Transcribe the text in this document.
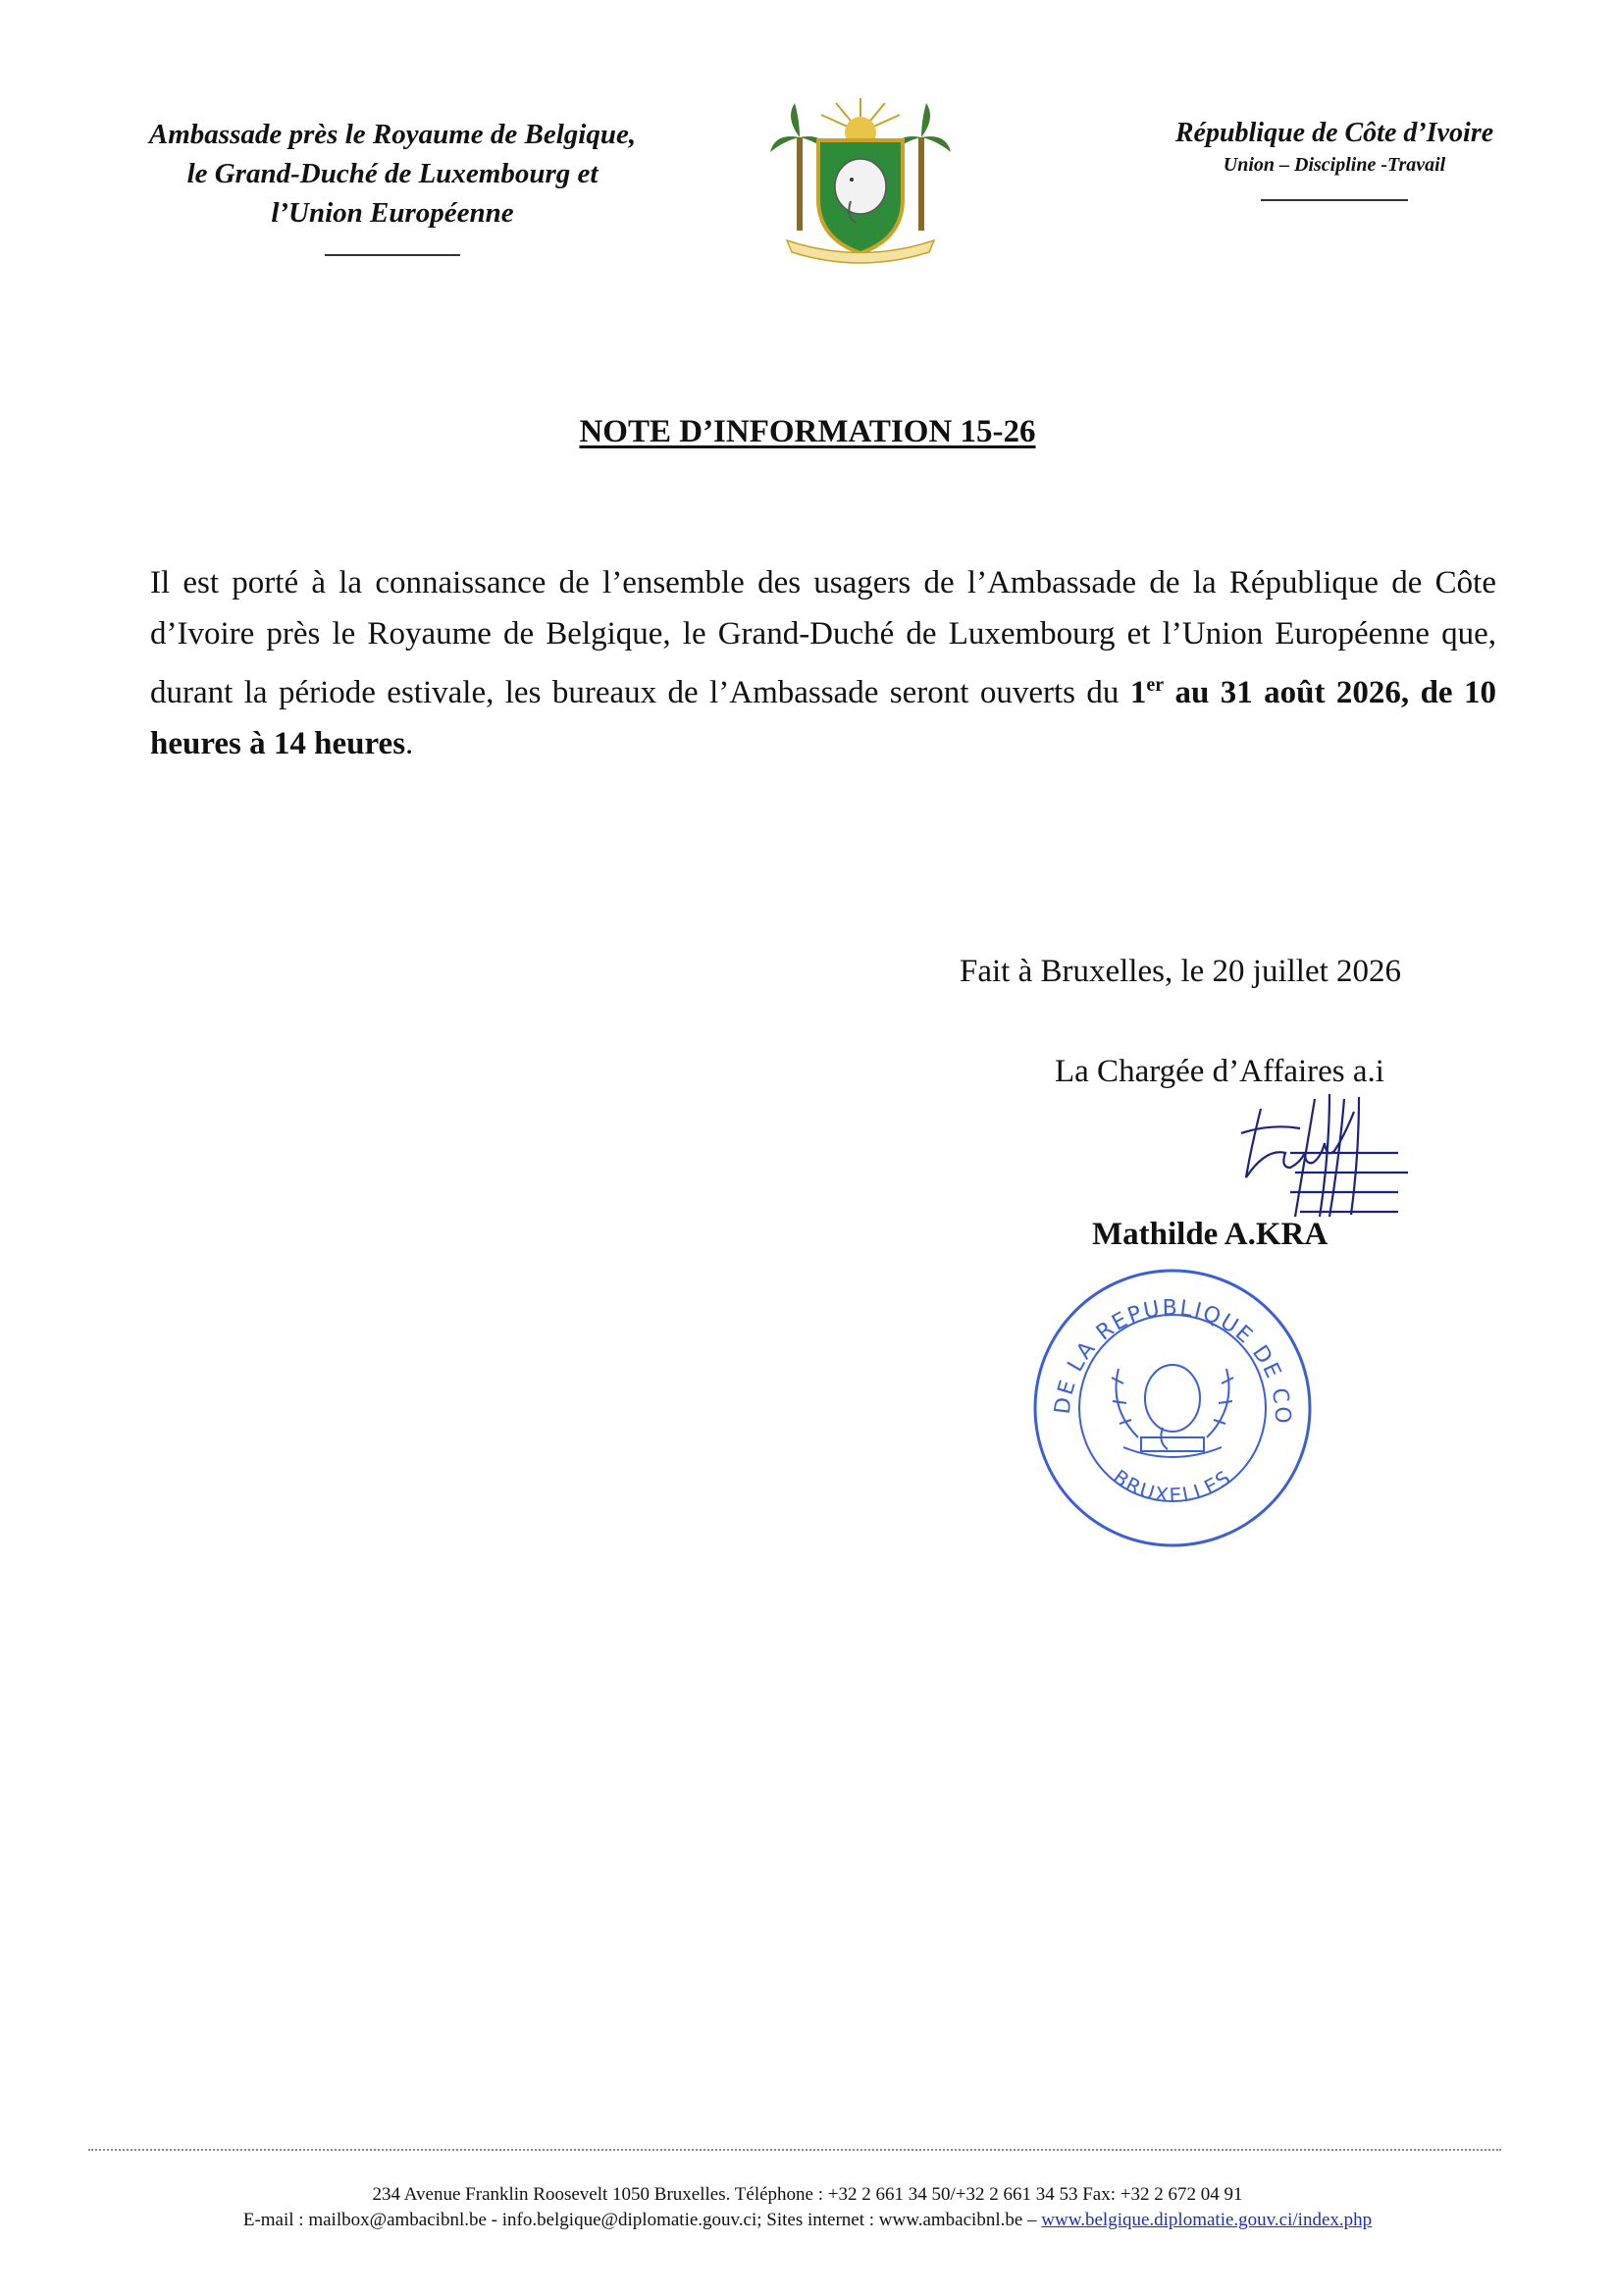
Ambassade près le Royaume de Belgique,
le Grand-Duché de Luxembourg et
l’Union Européenne
République de Côte d’Ivoire
Union – Discipline -Travail
NOTE D’INFORMATION 15-26
Il est porté à la connaissance de l’ensemble des usagers de l’Ambassade de la République de Côte d’Ivoire près le Royaume de Belgique, le Grand-Duché de Luxembourg et l’Union Européenne que, durant la période estivale, les bureaux de l’Ambassade seront ouverts du 1er au 31 août 2026, de 10 heures à 14 heures.
Fait à Bruxelles, le 20 juillet 2026
La Chargée d’Affaires a.i
Mathilde A.KRA
DE LA REPUBLIQUE DE CO
BRUXELLES
234 Avenue Franklin Roosevelt 1050 Bruxelles. Téléphone : +32 2 661 34 50/+32 2 661 34 53 Fax: +32 2 672 04 91
E-mail : mailbox@ambacibnl.be - info.belgique@diplomatie.gouv.ci; Sites internet : www.ambacibnl.be – www.belgique.diplomatie.gouv.ci/index.php
